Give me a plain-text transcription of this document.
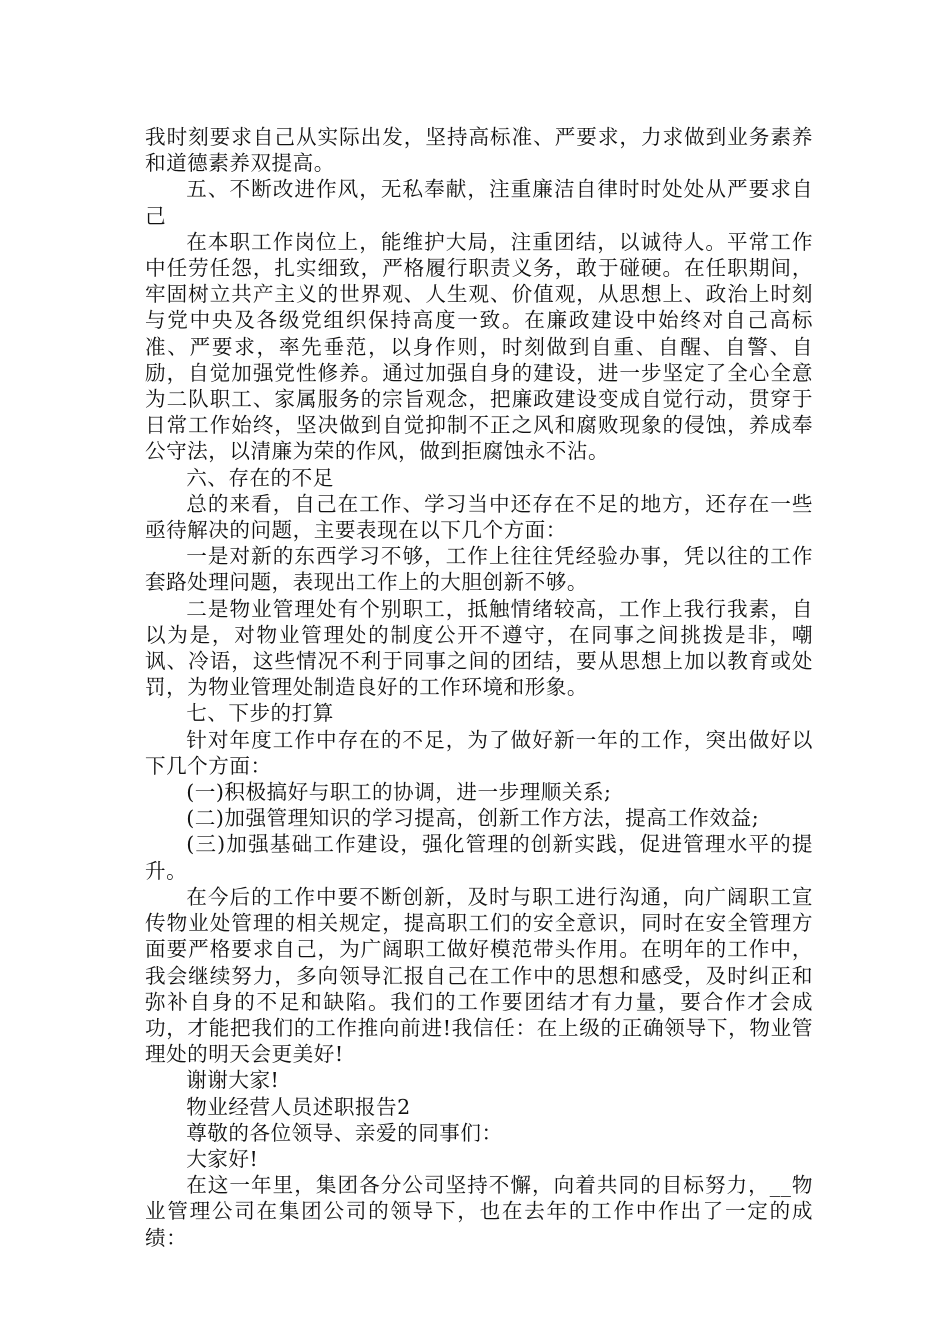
我时刻要求自己从实际出发，坚持高标准、严要求，力求做到业务素养和道德素养双提高。

五、不断改进作风，无私奉献，注重廉洁自律时时处处从严要求自己

在本职工作岗位上，能维护大局，注重团结，以诚待人。平常工作中任劳任怨，扎实细致，严格履行职责义务，敢于碰硬。在任职期间，牢固树立共产主义的世界观、人生观、价值观，从思想上、政治上时刻与党中央及各级党组织保持高度一致。在廉政建设中始终对自己高标准、严要求，率先垂范，以身作则，时刻做到自重、自醒、自警、自励，自觉加强党性修养。通过加强自身的建设，进一步坚定了全心全意为二队职工、家属服务的宗旨观念，把廉政建设变成自觉行动，贯穿于日常工作始终，坚决做到自觉抑制不正之风和腐败现象的侵蚀，养成奉公守法，以清廉为荣的作风，做到拒腐蚀永不沾。

六、存在的不足

总的来看，自己在工作、学习当中还存在不足的地方，还存在一些亟待解决的问题，主要表现在以下几个方面：

一是对新的东西学习不够，工作上往往凭经验办事，凭以往的工作套路处理问题，表现出工作上的大胆创新不够。

二是物业管理处有个别职工，抵触情绪较高，工作上我行我素，自以为是，对物业管理处的制度公开不遵守，在同事之间挑拨是非，嘲讽、冷语，这些情况不利于同事之间的团结，要从思想上加以教育或处罚，为物业管理处制造良好的工作环境和形象。

七、下步的打算

针对年度工作中存在的不足，为了做好新一年的工作，突出做好以下几个方面：

(一)积极搞好与职工的协调，进一步理顺关系;

(二)加强管理知识的学习提高，创新工作方法，提高工作效益;

(三)加强基础工作建设，强化管理的创新实践，促进管理水平的提升。

在今后的工作中要不断创新，及时与职工进行沟通，向广阔职工宣传物业处管理的相关规定，提高职工们的安全意识，同时在安全管理方面要严格要求自己，为广阔职工做好模范带头作用。在明年的工作中，我会继续努力，多向领导汇报自己在工作中的思想和感受，及时纠正和弥补自身的不足和缺陷。我们的工作要团结才有力量，要合作才会成功，才能把我们的工作推向前进!我信任：在上级的正确领导下，物业管理处的明天会更美好!

谢谢大家!

物业经营人员述职报告2

尊敬的各位领导、亲爱的同事们：

大家好!

在这一年里，集团各分公司坚持不懈，向着共同的目标努力，__物业管理公司在集团公司的领导下，也在去年的工作中作出了一定的成绩：
